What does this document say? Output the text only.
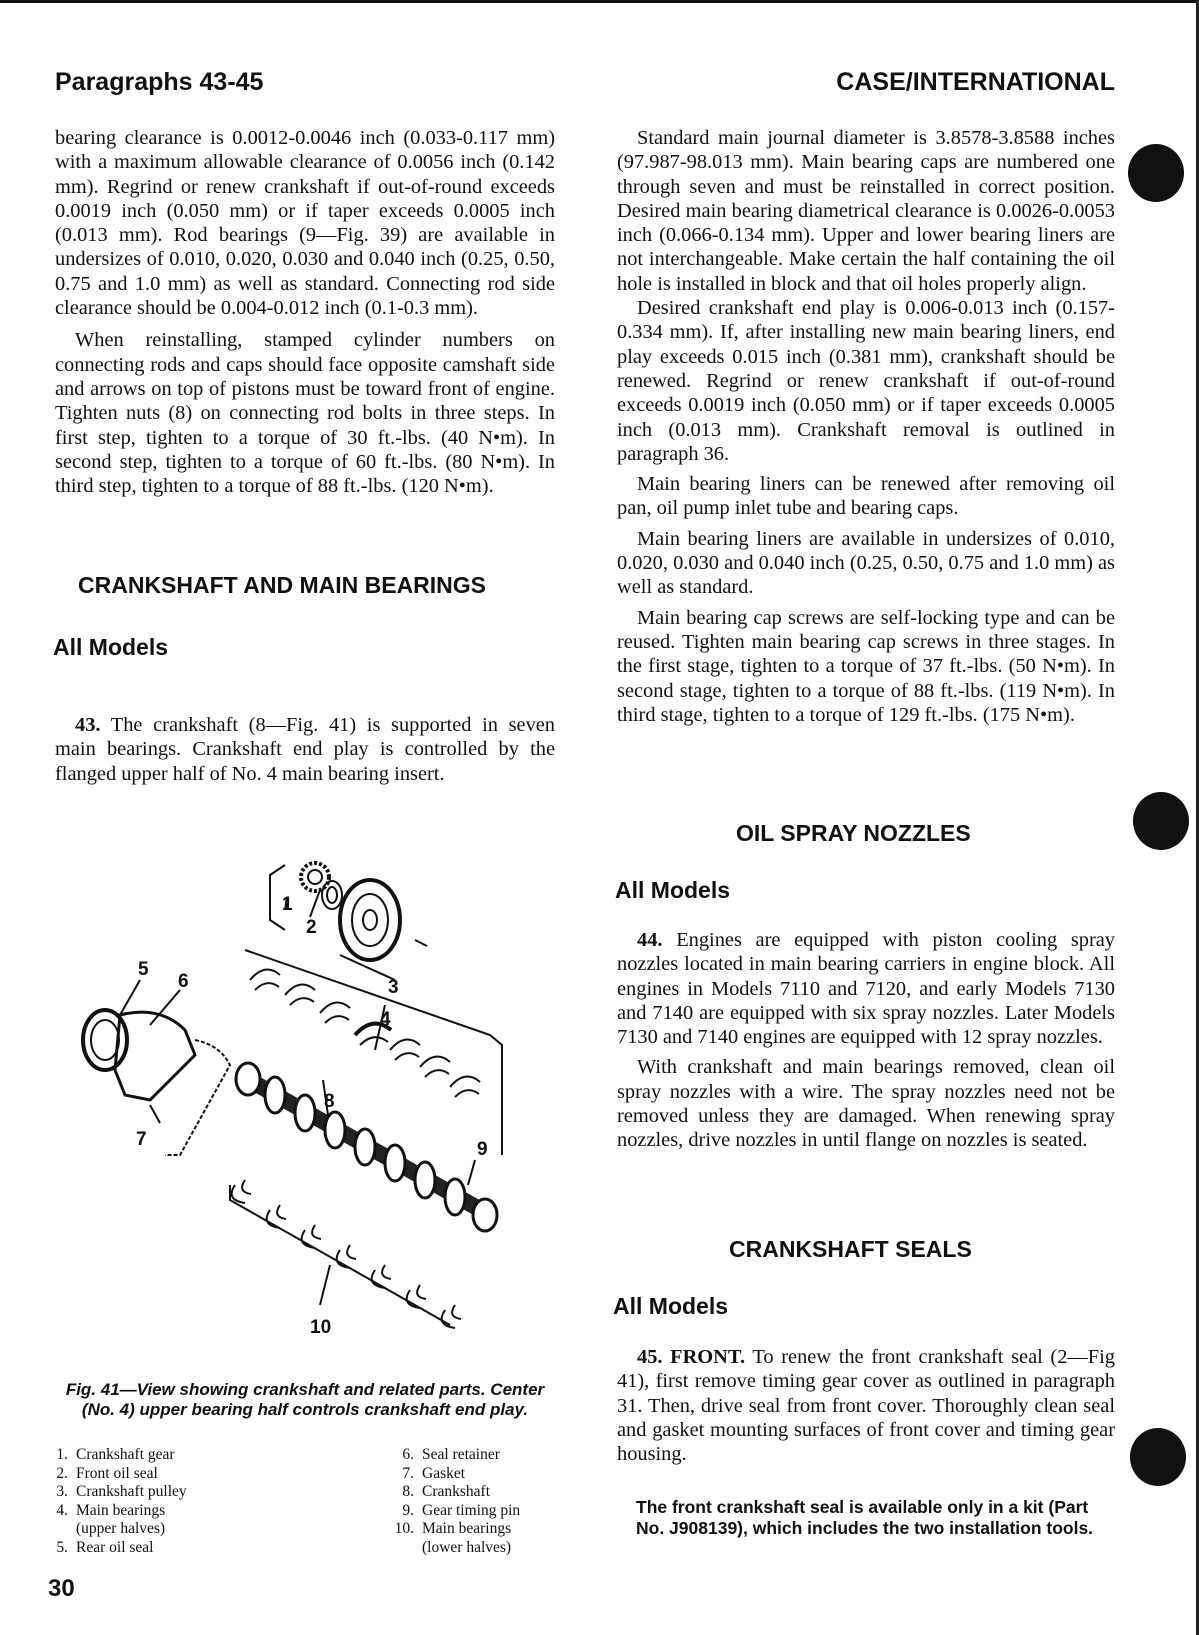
Paragraphs 43-45	CASE/INTERNATIONAL

bearing clearance is 0.0012-0.0046 inch (0.033-0.117 mm) with a maximum allowable clearance of 0.0056 inch (0.142 mm). Regrind or renew crankshaft if out-of-round exceeds 0.0019 inch (0.050 mm) or if taper exceeds 0.0005 inch (0.013 mm). Rod bearings (9—Fig. 39) are available in undersizes of 0.010, 0.020, 0.030 and 0.040 inch (0.25, 0.50, 0.75 and 1.0 mm) as well as standard. Connecting rod side clearance should be 0.004-0.012 inch (0.1-0.3 mm).

When reinstalling, stamped cylinder numbers on connecting rods and caps should face opposite camshaft side and arrows on top of pistons must be toward front of engine. Tighten nuts (8) on connecting rod bolts in three steps. In first step, tighten to a torque of 30 ft.-lbs. (40 N•m). In second step, tighten to a torque of 60 ft.-lbs. (80 N•m). In third step, tighten to a torque of 88 ft.-lbs. (120 N•m).

CRANKSHAFT AND MAIN BEARINGS
All Models

43. The crankshaft (8—Fig. 41) is supported in seven main bearings. Crankshaft end play is controlled by the flanged upper half of No. 4 main bearing insert.

1
2
3
4
5
6
7
8
9
10
Fig. 41—View showing crankshaft and related parts. Center (No. 4) upper bearing half controls crankshaft end play.
1. Crankshaft gear
2. Front oil seal
3. Crankshaft pulley
4. Main bearings
(upper halves)
5. Rear oil seal
6. Seal retainer
7. Gasket
8. Crankshaft
9. Gear timing pin
10. Main bearings
(lower halves)

Standard main journal diameter is 3.8578-3.8588 inches (97.987-98.013 mm). Main bearing caps are numbered one through seven and must be reinstalled in correct position. Desired main bearing diametrical clearance is 0.0026-0.0053 inch (0.066-0.134 mm). Upper and lower bearing liners are not interchangeable. Make certain the half containing the oil hole is installed in block and that oil holes properly align.

Desired crankshaft end play is 0.006-0.013 inch (0.157-0.334 mm). If, after installing new main bearing liners, end play exceeds 0.015 inch (0.381 mm), crankshaft should be renewed. Regrind or renew crankshaft if out-of-round exceeds 0.0019 inch (0.050 mm) or if taper exceeds 0.0005 inch (0.013 mm). Crankshaft removal is outlined in paragraph 36.

Main bearing liners can be renewed after removing oil pan, oil pump inlet tube and bearing caps.

Main bearing liners are available in undersizes of 0.010, 0.020, 0.030 and 0.040 inch (0.25, 0.50, 0.75 and 1.0 mm) as well as standard.

Main bearing cap screws are self-locking type and can be reused. Tighten main bearing cap screws in three stages. In the first stage, tighten to a torque of 37 ft.-lbs. (50 N•m). In second stage, tighten to a torque of 88 ft.-lbs. (119 N•m). In third stage, tighten to a torque of 129 ft.-lbs. (175 N•m).

OIL SPRAY NOZZLES
All Models

44. Engines are equipped with piston cooling spray nozzles located in main bearing carriers in engine block. All engines in Models 7110 and 7120, and early Models 7130 and 7140 are equipped with six spray nozzles. Later Models 7130 and 7140 engines are equipped with 12 spray nozzles.

With crankshaft and main bearings removed, clean oil spray nozzles with a wire. The spray nozzles need not be removed unless they are damaged. When renewing spray nozzles, drive nozzles in until flange on nozzles is seated.

CRANKSHAFT SEALS
All Models

45. FRONT. To renew the front crankshaft seal (2—Fig 41), first remove timing gear cover as outlined in paragraph 31. Then, drive seal from front cover. Thoroughly clean seal and gasket mounting surfaces of front cover and timing gear housing.

The front crankshaft seal is available only in a kit (Part No. J908139), which includes the two installation tools.
30
